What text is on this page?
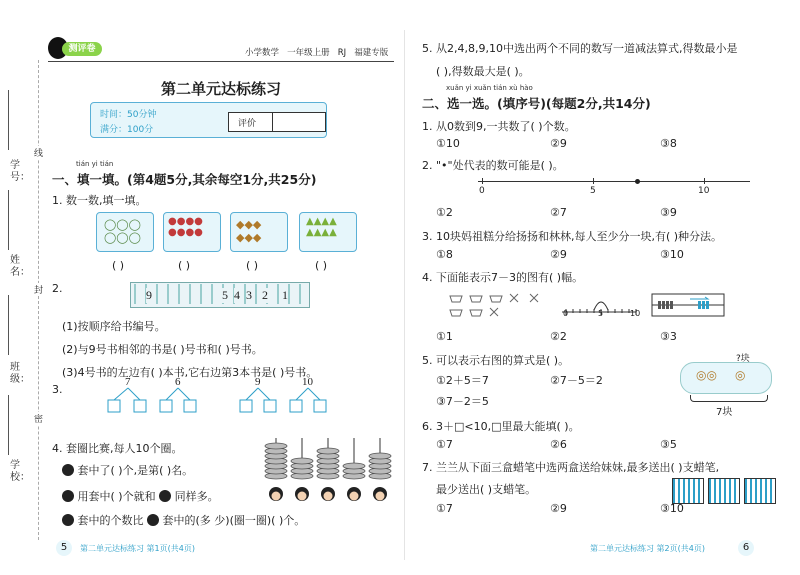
学号：
线
姓名：
封
班级：
密
学校：
测评卷	小学数学 一年级上册 RJ 福建专版
第二单元达标练习
时间：50分钟
满分：100分
评价
tián yi tián
一、填一填。(第4题5分,其余每空1分,共25分)
1. 数一数,填一填。
◯◯◯
◯◯◯
●●●●
●●●●
◆◆◆
◆◆◆
▲▲▲▲
▲▲▲▲
( )	( )	( )	( )
2.	9	5 4 3 2 1
(1)按顺序给书编号。
(2)与9号书相邻的书是( )号书和( )号书。
(3)4号书的左边有( )本书,它右边第3本书是( )号书。
3.
7	6	9	10
4. 套圈比赛,每人10个圈。
套中了( )个,是第( )名。
用套中( )个就和 同样多。
套中的个数比 套中的(多 少)(圈一圈)( )个。
5. 从2,4,8,9,10中选出两个不同的数写一道减法算式,得数最小是
( ),得数最大是( )。
xuǎn yi xuǎn tián xù hào
二、选一选。(填序号)(每题2分,共14分)
1. 从0数到9,一共数了( )个数。
①10	②9	③8
2. "•"处代表的数可能是( )。
0	5	10
①2	②7	③9
3. 10块妈祖糕分给扬扬和林林,每人至少分一块,有( )种分法。
①8	②9	③10
4. 下面能表示7－3的图有( )幅。
0	5	10
①1	②2	③3
5. 可以表示右图的算式是( )。
①2＋5＝7	②7－5＝2
③7－2＝5
◎◎ ◎
?块
7块
6. 3＋□<10,□里最大能填( )。
①7	②6	③5
7. 兰兰从下面三盒蜡笔中选两盒送给妹妹,最多送出( )支蜡笔,
最少送出( )支蜡笔。
①7	②9	③10
5	第二单元达标练习 第1页(共4页)	第二单元达标练习 第2页(共4页)	6
